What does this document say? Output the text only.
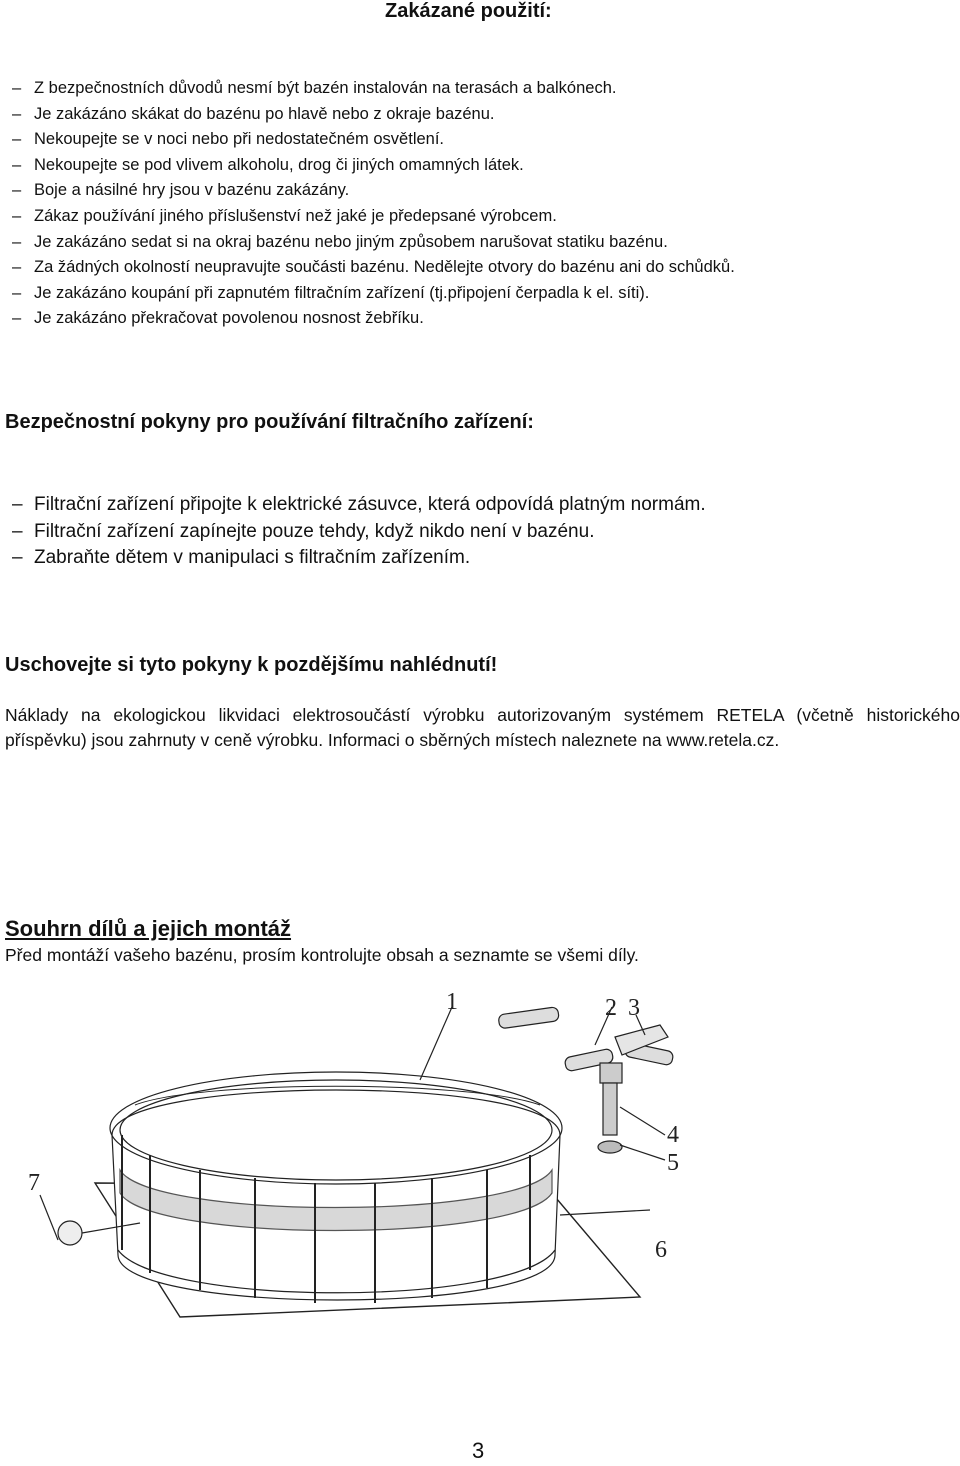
Zakázané použití:
– Z bezpečnostních důvodů nesmí být bazén instalován na terasách a balkónech.
– Je zakázáno skákat do bazénu po hlavě nebo z okraje bazénu.
– Nekoupejte se v noci nebo při nedostatečném osvětlení.
– Nekoupejte se pod vlivem alkoholu, drog či jiných omamných látek.
– Boje a násilné hry jsou v bazénu zakázány.
– Zákaz používání jiného příslušenství než jaké je předepsané výrobcem.
– Je zakázáno sedat si na okraj bazénu nebo jiným způsobem narušovat statiku bazénu.
– Za žádných okolností neupravujte součásti bazénu. Nedělejte otvory do bazénu ani do schůdků.
– Je zakázáno koupání při zapnutém filtračním zařízení (tj.připojení čerpadla k el. síti).
– Je zakázáno překračovat povolenou nosnost žebříku.
Bezpečnostní pokyny pro používání filtračního zařízení:
– Filtrační zařízení připojte k elektrické zásuvce, která odpovídá platným normám.
– Filtrační zařízení zapínejte pouze tehdy, když nikdo není v bazénu.
– Zabraňte dětem v manipulaci s filtračním zařízením.
Uschovejte si tyto pokyny k pozdějšímu nahlédnutí!
Náklady na ekologickou likvidaci elektrosoučástí výrobku autorizovaným systémem RETELA (včetně historického příspěvku) jsou zahrnuty v ceně výrobku. Informaci o sběrných místech naleznete na www.retela.cz.
Souhrn dílů a jejich montáž
Před montáží vašeho bazénu, prosím kontrolujte obsah a seznamte se všemi díly.
1	2 3
4
5
6
7
3
